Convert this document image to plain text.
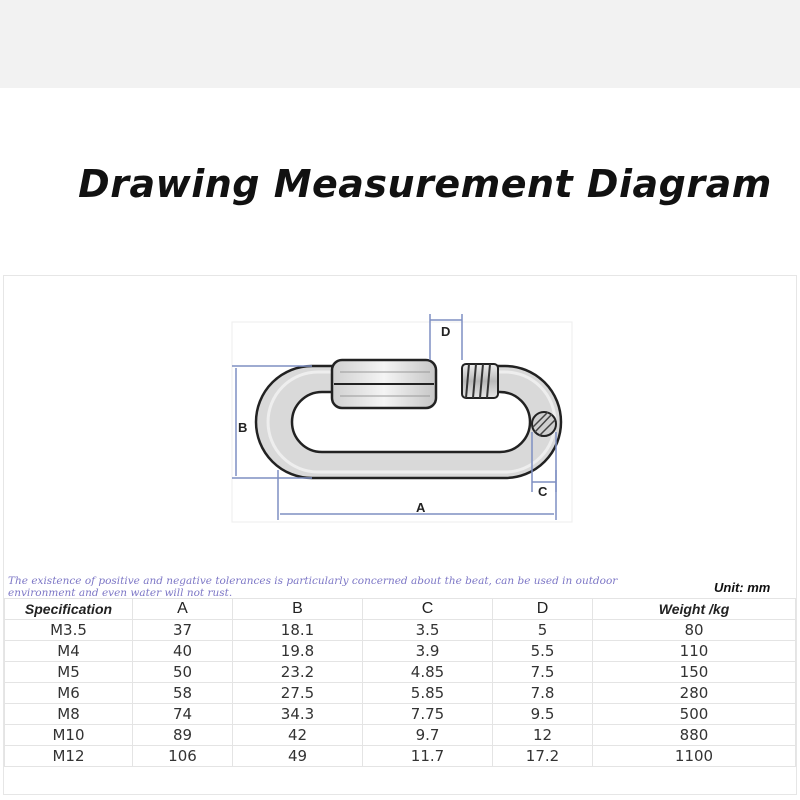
Drawing Measurement Diagram
B
A
C
D
The existence of positive and negative tolerances is particularly concerned about the beat, can be used in outdoor environment and even water will not rust.	Unit: mm
Specification	A	B	C	D	Weight /kg
M3.5	37	18.1	3.5	5	80
M4	40	19.8	3.9	5.5	110
M5	50	23.2	4.85	7.5	150
M6	58	27.5	5.85	7.8	280
M8	74	34.3	7.75	9.5	500
M10	89	42	9.7	12	880
M12	106	49	11.7	17.2	1100
